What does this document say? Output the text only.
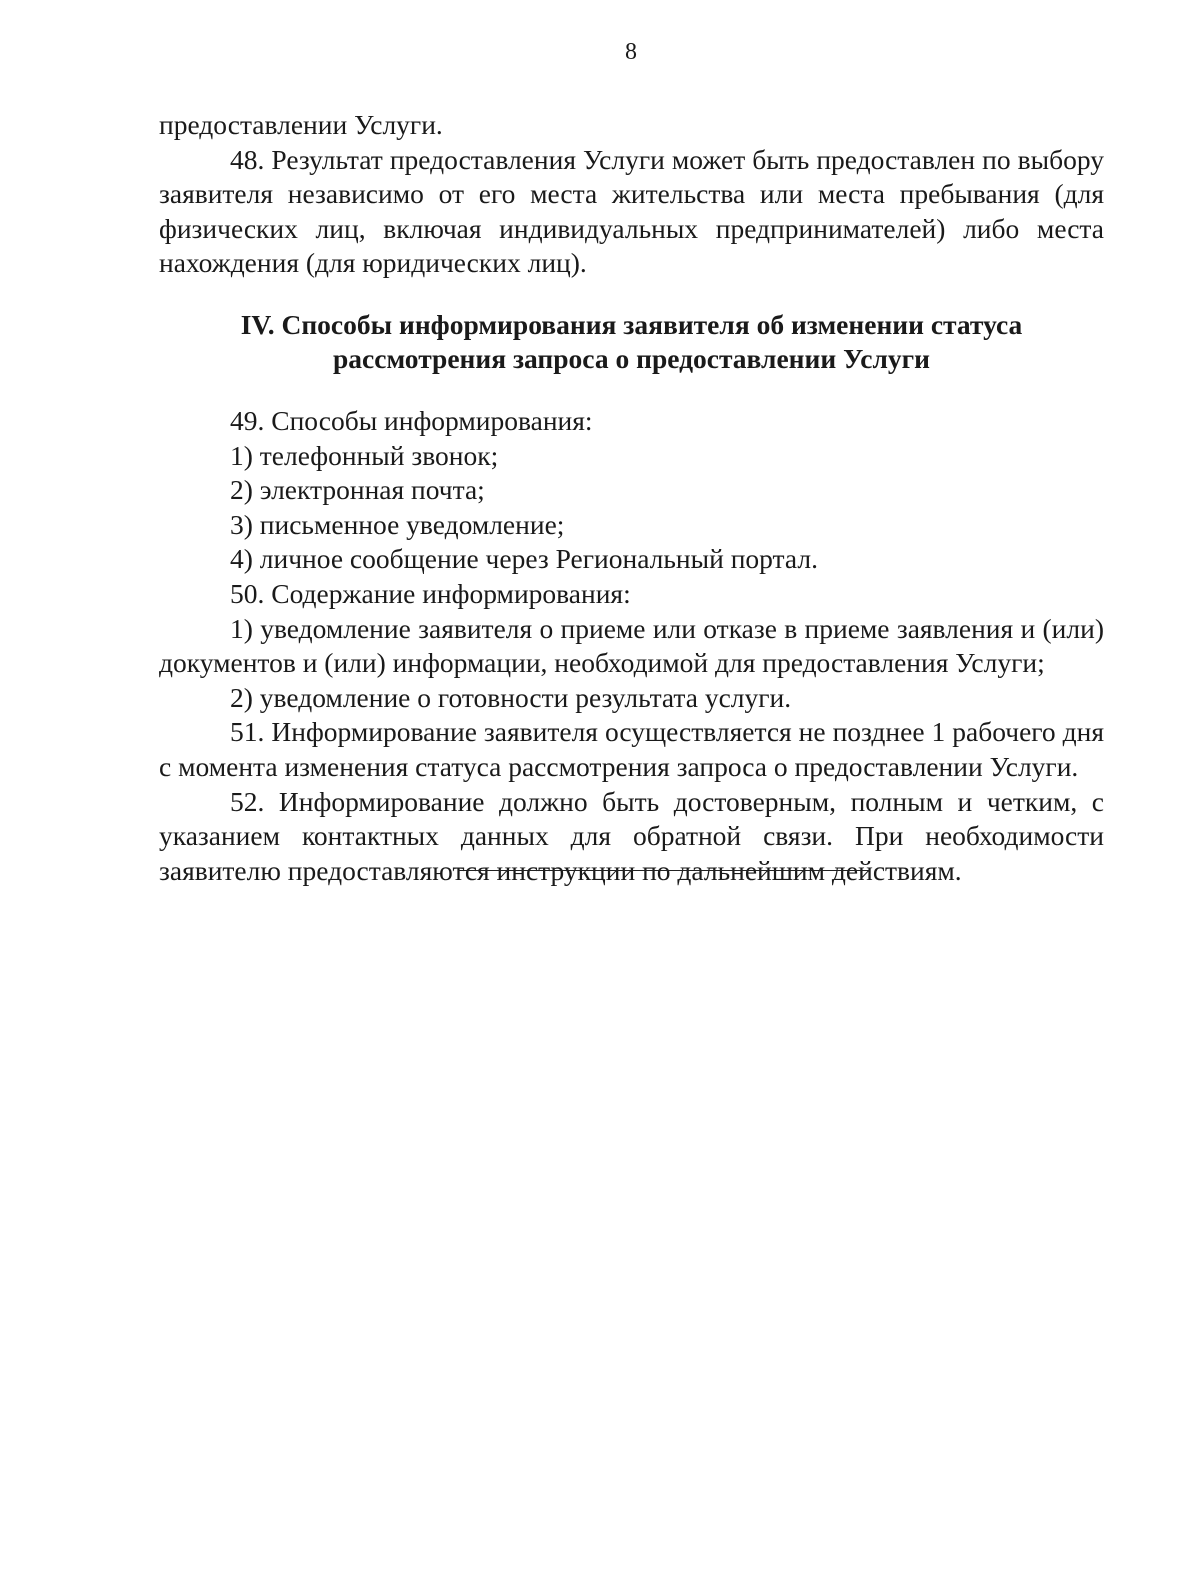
8

предоставлении Услуги.

48. Результат предоставления Услуги может быть предоставлен по выбору заявителя независимо от его места жительства или места пребывания (для физических лиц, включая индивидуальных предпринимателей) либо места нахождения (для юридических лиц).

IV. Способы информирования заявителя об изменении статуса
рассмотрения запроса о предоставлении Услуги

49. Способы информирования:

1) телефонный звонок;

2) электронная почта;

3) письменное уведомление;

4) личное сообщение через Региональный портал.

50. Содержание информирования:

1) уведомление заявителя о приеме или отказе в приеме заявления и (или) документов и (или) информации, необходимой для предоставления Услуги;

2) уведомление о готовности результата услуги.

51. Информирование заявителя осуществляется не позднее 1 рабочего дня с момента изменения статуса рассмотрения запроса о предоставлении Услуги.

52. Информирование должно быть достоверным, полным и четким, с указанием контактных данных для обратной связи. При необходимости заявителю предоставляются инструкции по дальнейшим действиям.
